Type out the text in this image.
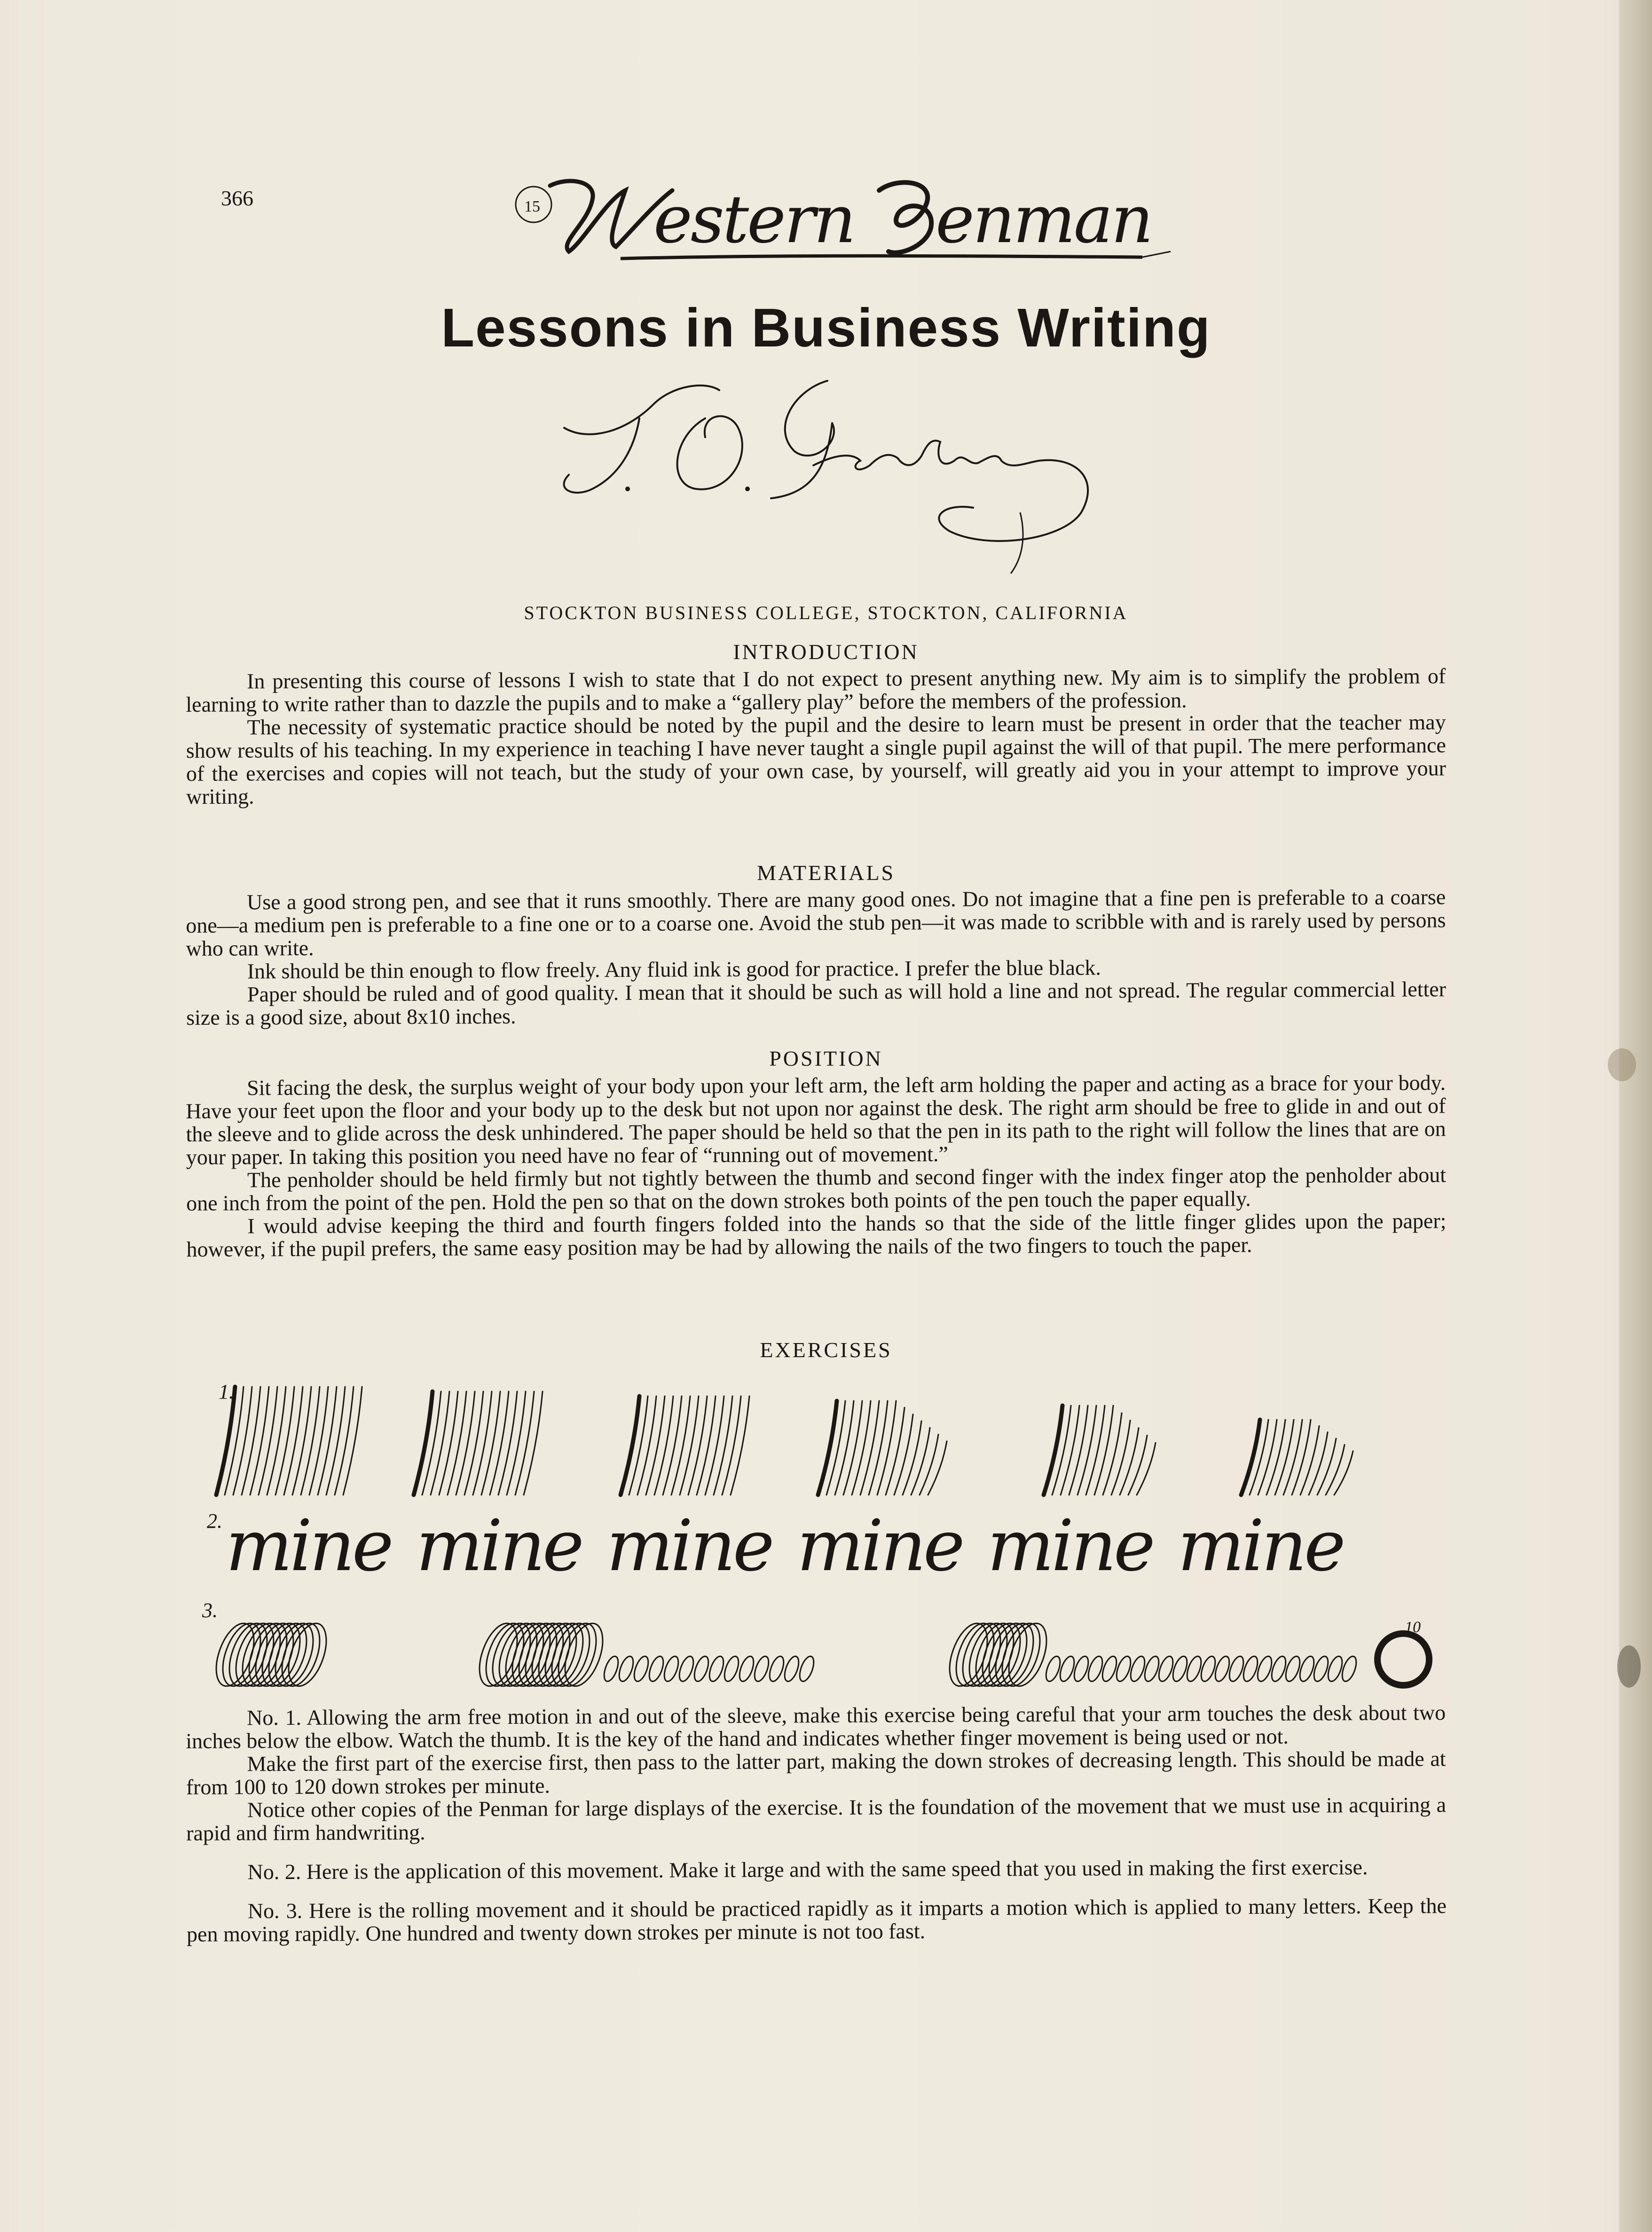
366	15 estern enman
Lessons in Business Writing
STOCKTON BUSINESS COLLEGE, STOCKTON, CALIFORNIA
INTRODUCTION

In presenting this course of lessons I wish to state that I do not expect to present anything new. My aim is to simplify the problem of learning to write rather than to dazzle the pupils and to make a “gallery play” before the members of the profession.

The necessity of systematic practice should be noted by the pupil and the desire to learn must be present in order that the teacher may show results of his teaching. In my experience in teaching I have never taught a single pupil against the will of that pupil. The mere performance of the exercises and copies will not teach, but the study of your own case, by yourself, will greatly aid you in your attempt to improve your writing.

MATERIALS

Use a good strong pen, and see that it runs smoothly. There are many good ones. Do not imagine that a fine pen is preferable to a coarse one—a medium pen is preferable to a fine one or to a coarse one. Avoid the stub pen—it was made to scribble with and is rarely used by persons who can write.

Ink should be thin enough to flow freely. Any fluid ink is good for practice. I prefer the blue black.

Paper should be ruled and of good quality. I mean that it should be such as will hold a line and not spread. The regular commercial letter size is a good size, about 8x10 inches.

POSITION

Sit facing the desk, the surplus weight of your body upon your left arm, the left arm holding the paper and acting as a brace for your body. Have your feet upon the floor and your body up to the desk but not upon nor against the desk. The right arm should be free to glide in and out of the sleeve and to glide across the desk unhindered. The paper should be held so that the pen in its path to the right will follow the lines that are on your paper. In taking this position you need have no fear of “running out of movement.”

The penholder should be held firmly but not tightly between the thumb and second finger with the index finger atop the penholder about one inch from the point of the pen. Hold the pen so that on the down strokes both points of the pen touch the paper equally.

I would advise keeping the third and fourth fingers folded into the hands so that the side of the little finger glides upon the paper; however, if the pupil prefers, the same easy position may be had by allowing the nails of the two fingers to touch the paper.

EXERCISES
1.
2. mine mine mine mine mine mine
3.
10

No. 1. Allowing the arm free motion in and out of the sleeve, make this exercise being careful that your arm touches the desk about two inches below the elbow. Watch the thumb. It is the key of the hand and indicates whether finger movement is being used or not.

Make the first part of the exercise first, then pass to the latter part, making the down strokes of decreasing length. This should be made at from 100 to 120 down strokes per minute.

Notice other copies of the Penman for large displays of the exercise. It is the foundation of the movement that we must use in acquiring a rapid and firm handwriting.

No. 2. Here is the application of this movement. Make it large and with the same speed that you used in making the first exercise.

No. 3. Here is the rolling movement and it should be practiced rapidly as it imparts a motion which is applied to many letters. Keep the pen moving rapidly. One hundred and twenty down strokes per minute is not too fast.
